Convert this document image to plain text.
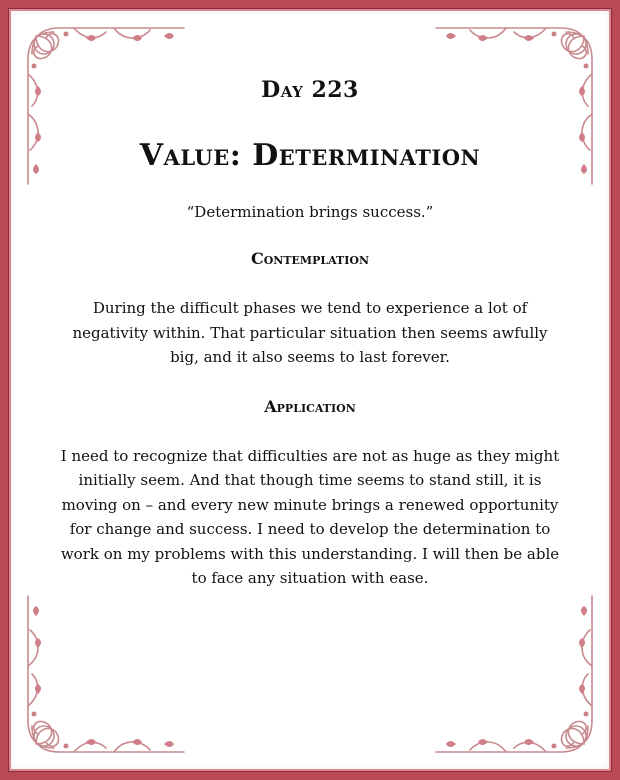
Day 223
Value: Determination

“Determination brings success.”

Contemplation

During the difficult phases we tend to experience a lot of negativity within. That particular situation then seems awfully big, and it also seems to last forever.

Application

I need to recognize that difficulties are not as huge as they might initially seem. And that though time seems to stand still, it is moving on – and every new minute brings a renewed opportunity for change and success. I need to develop the determination to work on my problems with this understanding. I will then be able to face any situation with ease.
